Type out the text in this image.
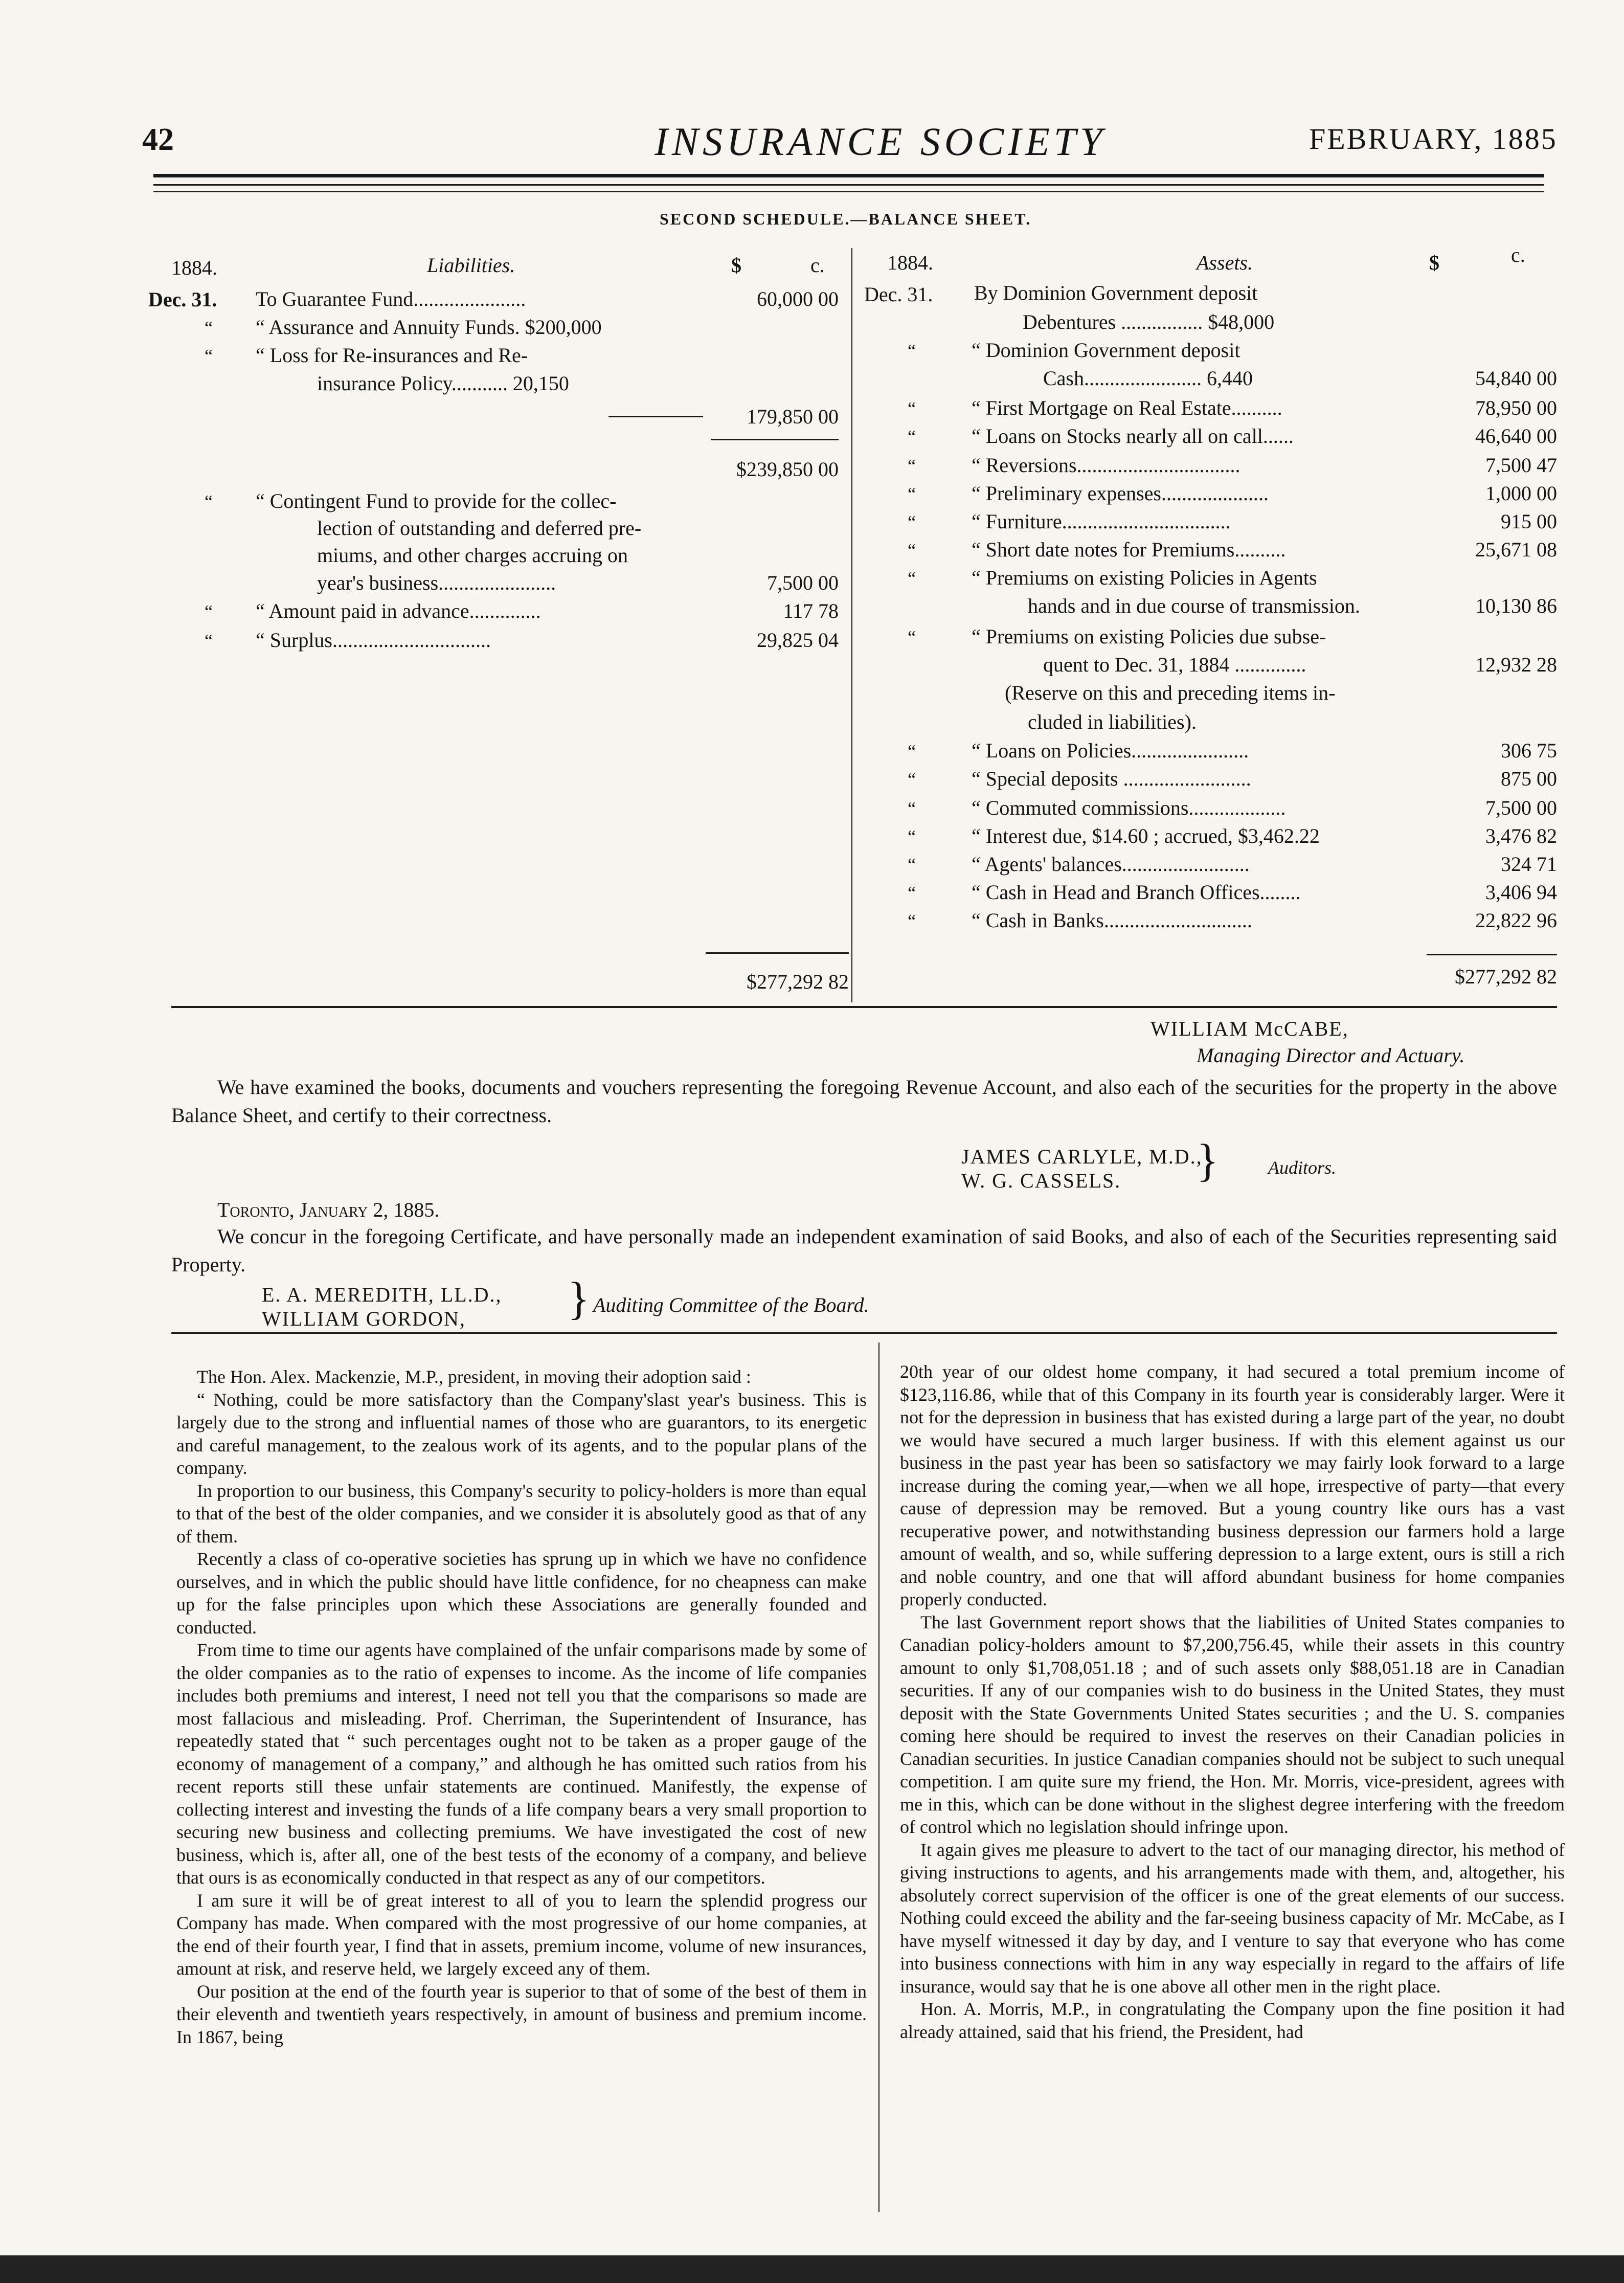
42	INSURANCE SOCIETY	FEBRUARY, 1885
SECOND SCHEDULE.—BALANCE SHEET.
1884.	Liabilities.	$	c.
Dec. 31. To Guarantee Fund......................	60,000 00
“ “ Assurance and Annuity Funds. $200,000
“ “ Loss for Re-insurances and Re-
insurance Policy........... 20,150
179,850 00
$239,850 00
“ “ Contingent Fund to provide for the collec-
lection of outstanding and deferred pre-
miums, and other charges accruing on
year's business.......................	7,500 00
“ “ Amount paid in advance..............	117 78
“ “ Surplus...............................	29,825 04
$277,292 82
1884.	Assets.	$	c.
Dec. 31. By Dominion Government deposit
Debentures ................ $48,000
“	“ Dominion Government deposit
Cash....................... 6,440	54,840 00
“	“ First Mortgage on Real Estate..........	78,950 00
“	“ Loans on Stocks nearly all on call......	46,640 00
“	“ Reversions................................	7,500 47
“	“ Preliminary expenses.....................	1,000 00
“	“ Furniture.................................	915 00
“	“ Short date notes for Premiums..........	25,671 08
“	“ Premiums on existing Policies in Agents
hands and in due course of transmission.	10,130 86
“	“ Premiums on existing Policies due subse-
quent to Dec. 31, 1884 ..............	12,932 28
(Reserve on this and preceding items in-
cluded in liabilities).
“	“ Loans on Policies.......................	306 75
“	“ Special deposits .........................	875 00
“	“ Commuted commissions...................	7,500 00
“	“ Interest due, $14.60 ; accrued, $3,462.22	3,476 82
“	“ Agents' balances.........................	324 71
“	“ Cash in Head and Branch Offices........	3,406 94
“	“ Cash in Banks.............................	22,822 96
$277,292 82
WILLIAM McCABE,
Managing Director and Actuary.
We have examined the books, documents and vouchers representing the foregoing Revenue Account, and also each of the securities for the property in the above Balance Sheet, and certify to their correctness.
JAMES CARLYLE, M.D.,
W. G. CASSELS. }	Auditors.
Toronto, January 2, 1885.
We concur in the foregoing Certificate, and have personally made an independent examination of said Books, and also of each of the Securities representing said Property.
E. A. MEREDITH, LL.D.,
WILLIAM GORDON, } Auditing Committee of the Board.

The Hon. Alex. Mackenzie, M.P., president, in moving their adoption said :

“ Nothing, could be more satisfactory than the Company'slast year's business. This is largely due to the strong and influential names of those who are guarantors, to its energetic and careful management, to the zealous work of its agents, and to the popular plans of the company.

In proportion to our business, this Company's security to policy-holders is more than equal to that of the best of the older companies, and we consider it is absolutely good as that of any of them.

Recently a class of co-operative societies has sprung up in which we have no confidence ourselves, and in which the public should have little confidence, for no cheapness can make up for the false principles upon which these Associations are generally founded and conducted.

From time to time our agents have complained of the unfair comparisons made by some of the older companies as to the ratio of expenses to income. As the income of life companies includes both premiums and interest, I need not tell you that the comparisons so made are most fallacious and misleading. Prof. Cherriman, the Superintendent of Insurance, has repeatedly stated that “ such percentages ought not to be taken as a proper gauge of the economy of management of a company,” and although he has omitted such ratios from his recent reports still these unfair statements are continued. Manifestly, the expense of collecting interest and investing the funds of a life company bears a very small proportion to securing new business and collecting premiums. We have investigated the cost of new business, which is, after all, one of the best tests of the economy of a company, and believe that ours is as economically conducted in that respect as any of our competitors.

I am sure it will be of great interest to all of you to learn the splendid progress our Company has made. When compared with the most progressive of our home companies, at the end of their fourth year, I find that in assets, premium income, volume of new insurances, amount at risk, and reserve held, we largely exceed any of them.

Our position at the end of the fourth year is superior to that of some of the best of them in their eleventh and twentieth years respectively, in amount of business and premium income. In 1867, being

20th year of our oldest home company, it had secured a total premium income of $123,116.86, while that of this Company in its fourth year is considerably larger. Were it not for the depression in business that has existed during a large part of the year, no doubt we would have secured a much larger business. If with this element against us our business in the past year has been so satisfactory we may fairly look forward to a large increase during the coming year,—when we all hope, irrespective of party—that every cause of depression may be removed. But a young country like ours has a vast recuperative power, and notwithstanding business depression our farmers hold a large amount of wealth, and so, while suffering depression to a large extent, ours is still a rich and noble country, and one that will afford abundant business for home companies properly conducted.

The last Government report shows that the liabilities of United States companies to Canadian policy-holders amount to $7,200,756.45, while their assets in this country amount to only $1,708,051.18 ; and of such assets only $88,051.18 are in Canadian securities. If any of our companies wish to do business in the United States, they must deposit with the State Governments United States securities ; and the U. S. companies coming here should be required to invest the reserves on their Canadian policies in Canadian securities. In justice Canadian companies should not be subject to such unequal competition. I am quite sure my friend, the Hon. Mr. Morris, vice-president, agrees with me in this, which can be done without in the slighest degree interfering with the freedom of control which no legislation should infringe upon.

It again gives me pleasure to advert to the tact of our managing director, his method of giving instructions to agents, and his arrangements made with them, and, altogether, his absolutely correct supervision of the officer is one of the great elements of our success. Nothing could exceed the ability and the far-seeing business capacity of Mr. McCabe, as I have myself witnessed it day by day, and I venture to say that everyone who has come into business connections with him in any way especially in regard to the affairs of life insurance, would say that he is one above all other men in the right place.

Hon. A. Morris, M.P., in congratulating the Company upon the fine position it had already attained, said that his friend, the President, had
